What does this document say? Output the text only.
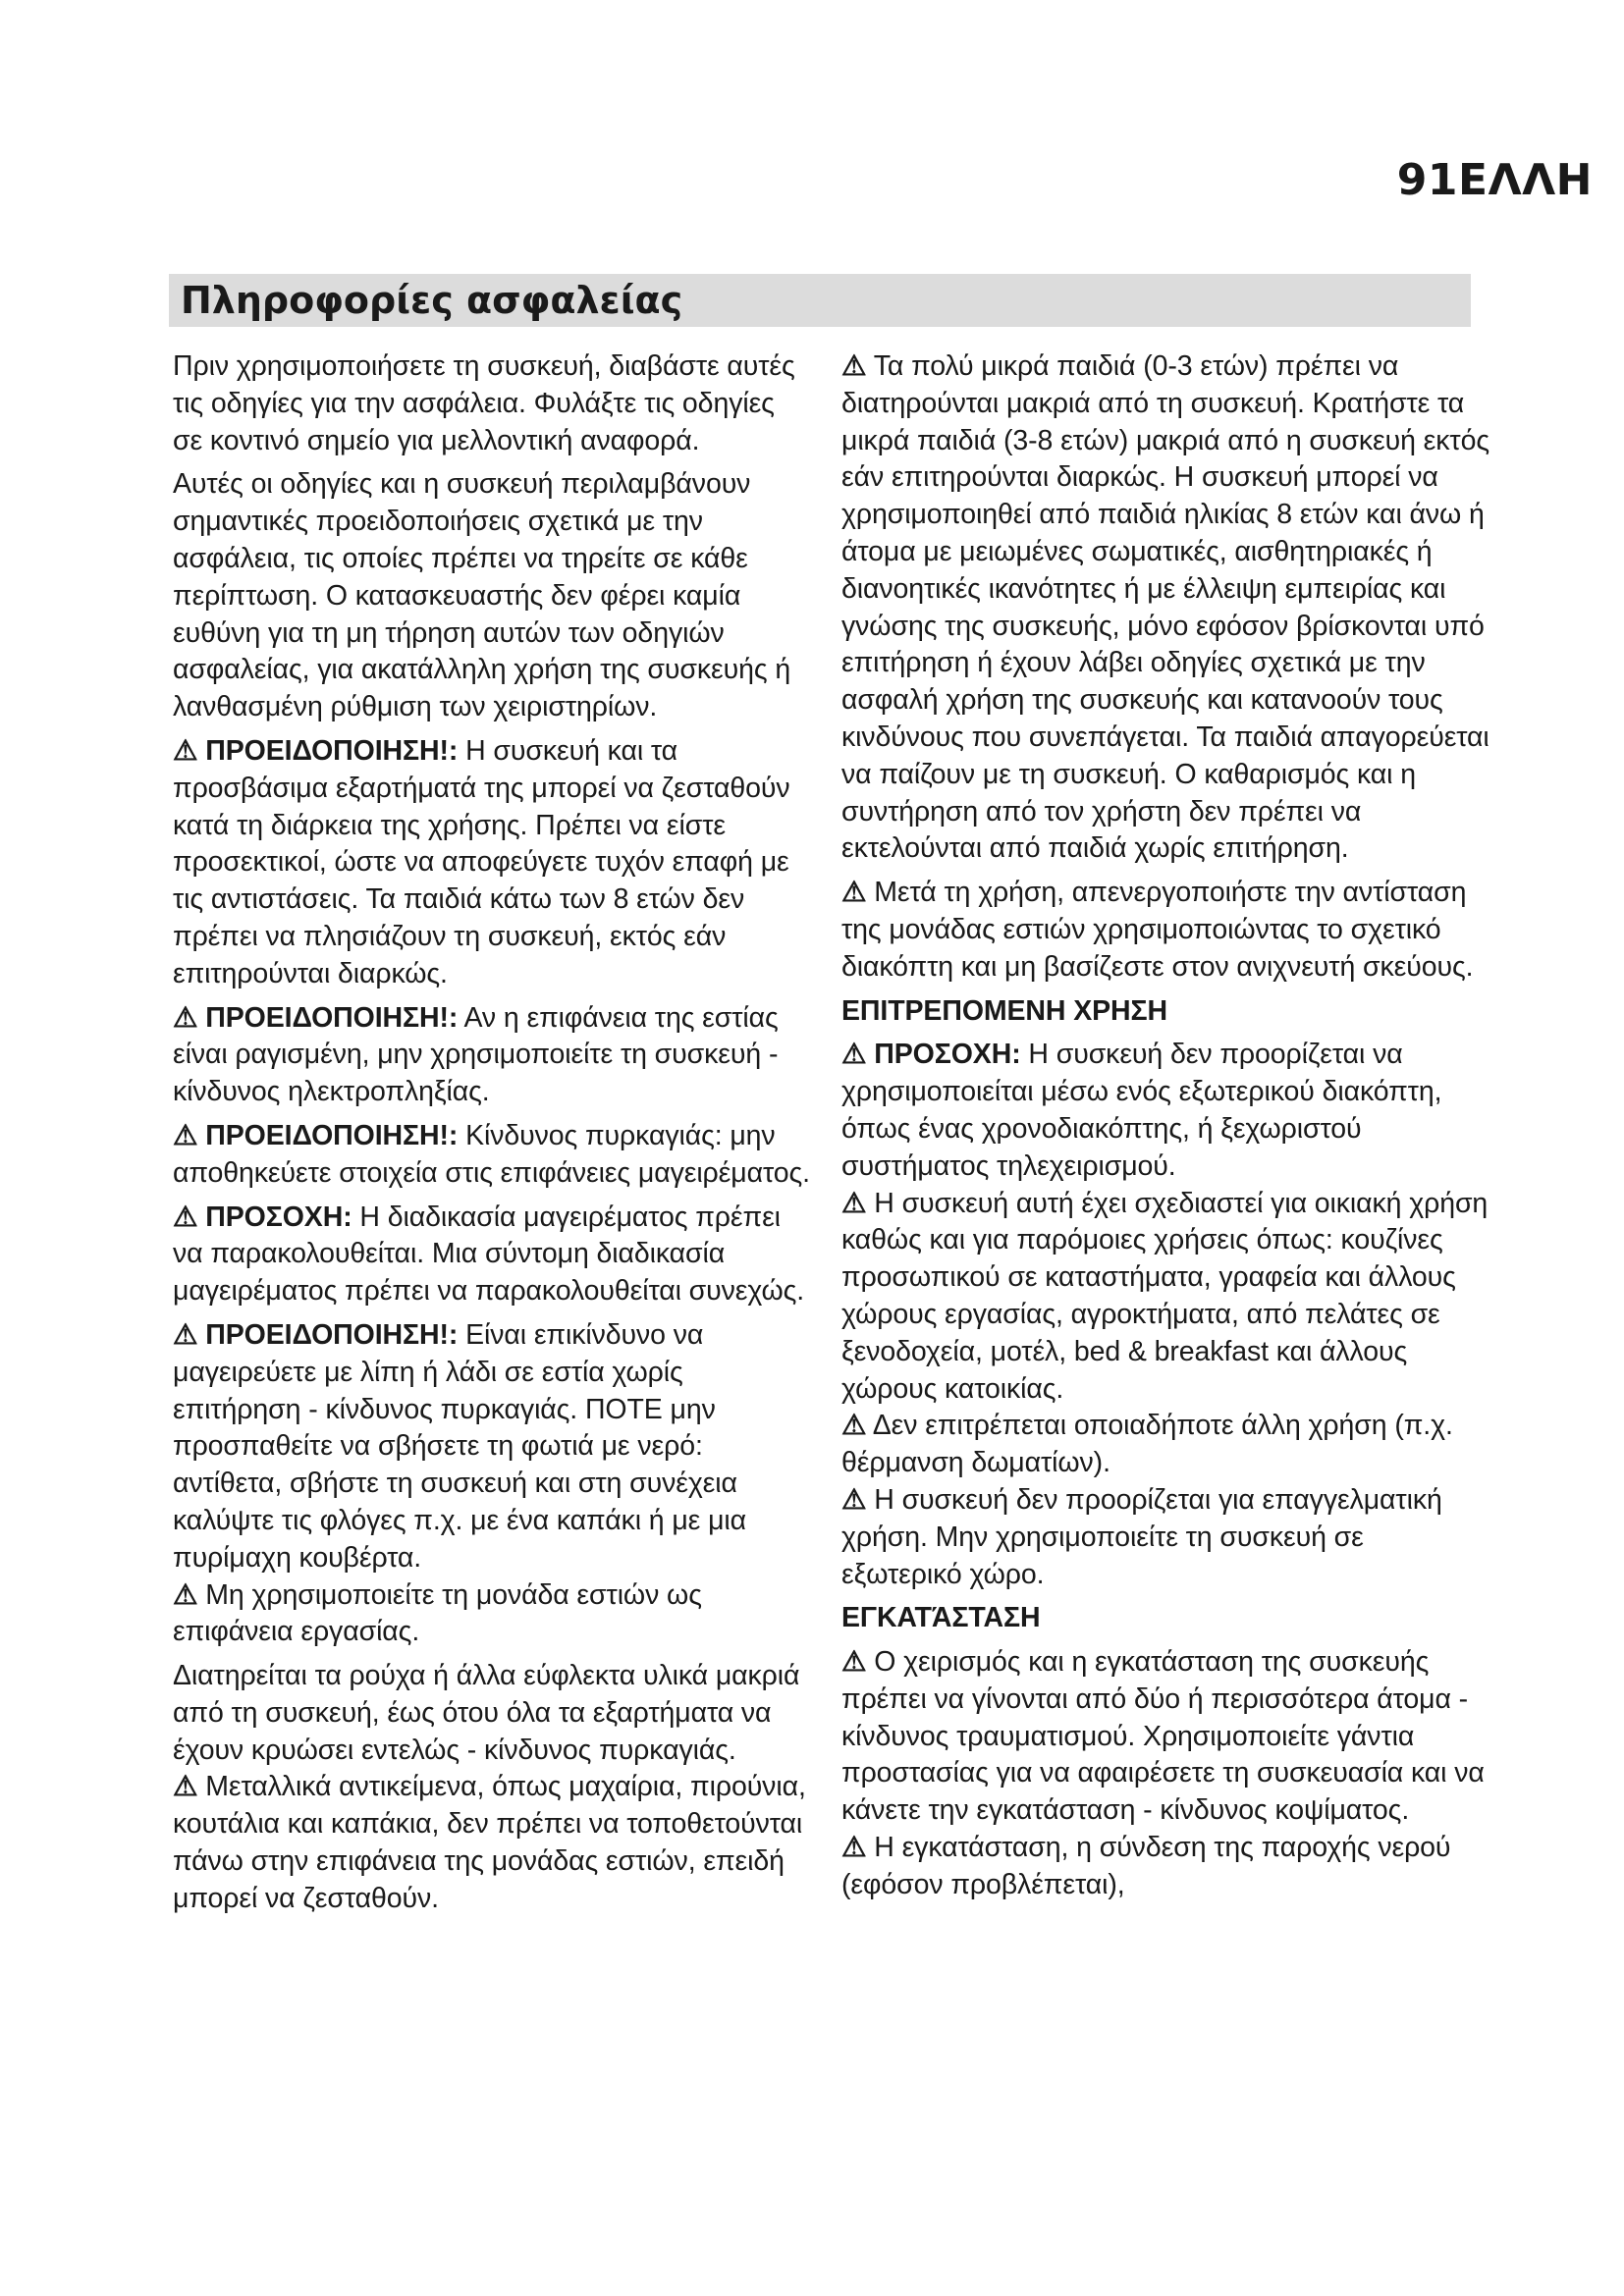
91ΕΛΛΗ
Πληροφορίες ασφαλείας

Πριν χρησιμοποιήσετε τη συσκευή, διαβάστε αυτές τις οδηγίες για την ασφάλεια. Φυλάξτε τις οδηγίες σε κοντινό σημείο για μελλοντική αναφορά.

Αυτές οι οδηγίες και η συσκευή περιλαμβάνουν σημαντικές προειδοποιήσεις σχετικά με την ασφάλεια, τις οποίες πρέπει να τηρείτε σε κάθε περίπτωση. Ο κατασκευαστής δεν φέρει καμία ευθύνη για τη μη τήρηση αυτών των οδηγιών ασφαλείας, για ακατάλληλη χρήση της συσκευής ή λανθασμένη ρύθμιση των χειριστηρίων.

⚠ ΠΡΟΕΙΔΟΠΟΙΗΣΗ!: Η συσκευή και τα προσβάσιμα εξαρτήματά της μπορεί να ζεσταθούν κατά τη διάρκεια της χρήσης. Πρέπει να είστε προσεκτικοί, ώστε να αποφεύγετε τυχόν επαφή με τις αντιστάσεις. Τα παιδιά κάτω των 8 ετών δεν πρέπει να πλησιάζουν τη συσκευή, εκτός εάν επιτηρούνται διαρκώς.

⚠ ΠΡΟΕΙΔΟΠΟΙΗΣΗ!: Αν η επιφάνεια της εστίας είναι ραγισμένη, μην χρησιμοποιείτε τη συσκευή - κίνδυνος ηλεκτροπληξίας.

⚠ ΠΡΟΕΙΔΟΠΟΙΗΣΗ!: Κίνδυνος πυρκαγιάς: μην αποθηκεύετε στοιχεία στις επιφάνειες μαγειρέματος.

⚠ ΠΡΟΣΟΧΗ: Η διαδικασία μαγειρέματος πρέπει να παρακολουθείται. Μια σύντομη διαδικασία μαγειρέματος πρέπει να παρακολουθείται συνεχώς.

⚠ ΠΡΟΕΙΔΟΠΟΙΗΣΗ!: Είναι επικίνδυνο να μαγειρεύετε με λίπη ή λάδι σε εστία χωρίς επιτήρηση - κίνδυνος πυρκαγιάς. ΠΟΤΕ μην προσπαθείτε να σβήσετε τη φωτιά με νερό: αντίθετα, σβήστε τη συσκευή και στη συνέχεια καλύψτε τις φλόγες π.χ. με ένα καπάκι ή με μια πυρίμαχη κουβέρτα.

⚠ Μη χρησιμοποιείτε τη μονάδα εστιών ως επιφάνεια εργασίας.

Διατηρείται τα ρούχα ή άλλα εύφλεκτα υλικά μακριά από τη συσκευή, έως ότου όλα τα εξαρτήματα να έχουν κρυώσει εντελώς - κίνδυνος πυρκαγιάς.

⚠ Μεταλλικά αντικείμενα, όπως μαχαίρια, πιρούνια, κουτάλια και καπάκια, δεν πρέπει να τοποθετούνται πάνω στην επιφάνεια της μονάδας εστιών, επειδή μπορεί να ζεσταθούν.

⚠ Τα πολύ μικρά παιδιά (0-3 ετών) πρέπει να διατηρούνται μακριά από τη συσκευή. Κρατήστε τα μικρά παιδιά (3-8 ετών) μακριά από η συσκευή εκτός εάν επιτηρούνται διαρκώς. Η συσκευή μπορεί να χρησιμοποιηθεί από παιδιά ηλικίας 8 ετών και άνω ή άτομα με μειωμένες σωματικές, αισθητηριακές ή διανοητικές ικανότητες ή με έλλειψη εμπειρίας και γνώσης της συσκευής, μόνο εφόσον βρίσκονται υπό επιτήρηση ή έχουν λάβει οδηγίες σχετικά με την ασφαλή χρήση της συσκευής και κατανοούν τους κινδύνους που συνεπάγεται. Τα παιδιά απαγορεύεται να παίζουν με τη συσκευή. Ο καθαρισμός και η συντήρηση από τον χρήστη δεν πρέπει να εκτελούνται από παιδιά χωρίς επιτήρηση.

⚠ Μετά τη χρήση, απενεργοποιήστε την αντίσταση της μονάδας εστιών χρησιμοποιώντας το σχετικό διακόπτη και μη βασίζεστε στον ανιχνευτή σκεύους.

ΕΠΙΤΡΕΠΟΜΕΝΗ ΧΡΗΣΗ

⚠ ΠΡΟΣΟΧΗ: Η συσκευή δεν προορίζεται να χρησιμοποιείται μέσω ενός εξωτερικού διακόπτη, όπως ένας χρονοδιακόπτης, ή ξεχωριστού συστήματος τηλεχειρισμού.

⚠ Η συσκευή αυτή έχει σχεδιαστεί για οικιακή χρήση καθώς και για παρόμοιες χρήσεις όπως: κουζίνες προσωπικού σε καταστήματα, γραφεία και άλλους χώρους εργασίας, αγροκτήματα, από πελάτες σε ξενοδοχεία, μοτέλ, bed & breakfast και άλλους χώρους κατοικίας.

⚠ Δεν επιτρέπεται οποιαδήποτε άλλη χρήση (π.χ. θέρμανση δωματίων).

⚠ Η συσκευή δεν προορίζεται για επαγγελματική χρήση. Μην χρησιμοποιείτε τη συσκευή σε εξωτερικό χώρο.

ΕΓΚΑΤΆΣΤΑΣΗ

⚠ Ο χειρισμός και η εγκατάσταση της συσκευής πρέπει να γίνονται από δύο ή περισσότερα άτομα - κίνδυνος τραυματισμού. Χρησιμοποιείτε γάντια προστασίας για να αφαιρέσετε τη συσκευασία και να κάνετε την εγκατάσταση - κίνδυνος κοψίματος.

⚠ Η εγκατάσταση, η σύνδεση της παροχής νερού (εφόσον προβλέπεται),
